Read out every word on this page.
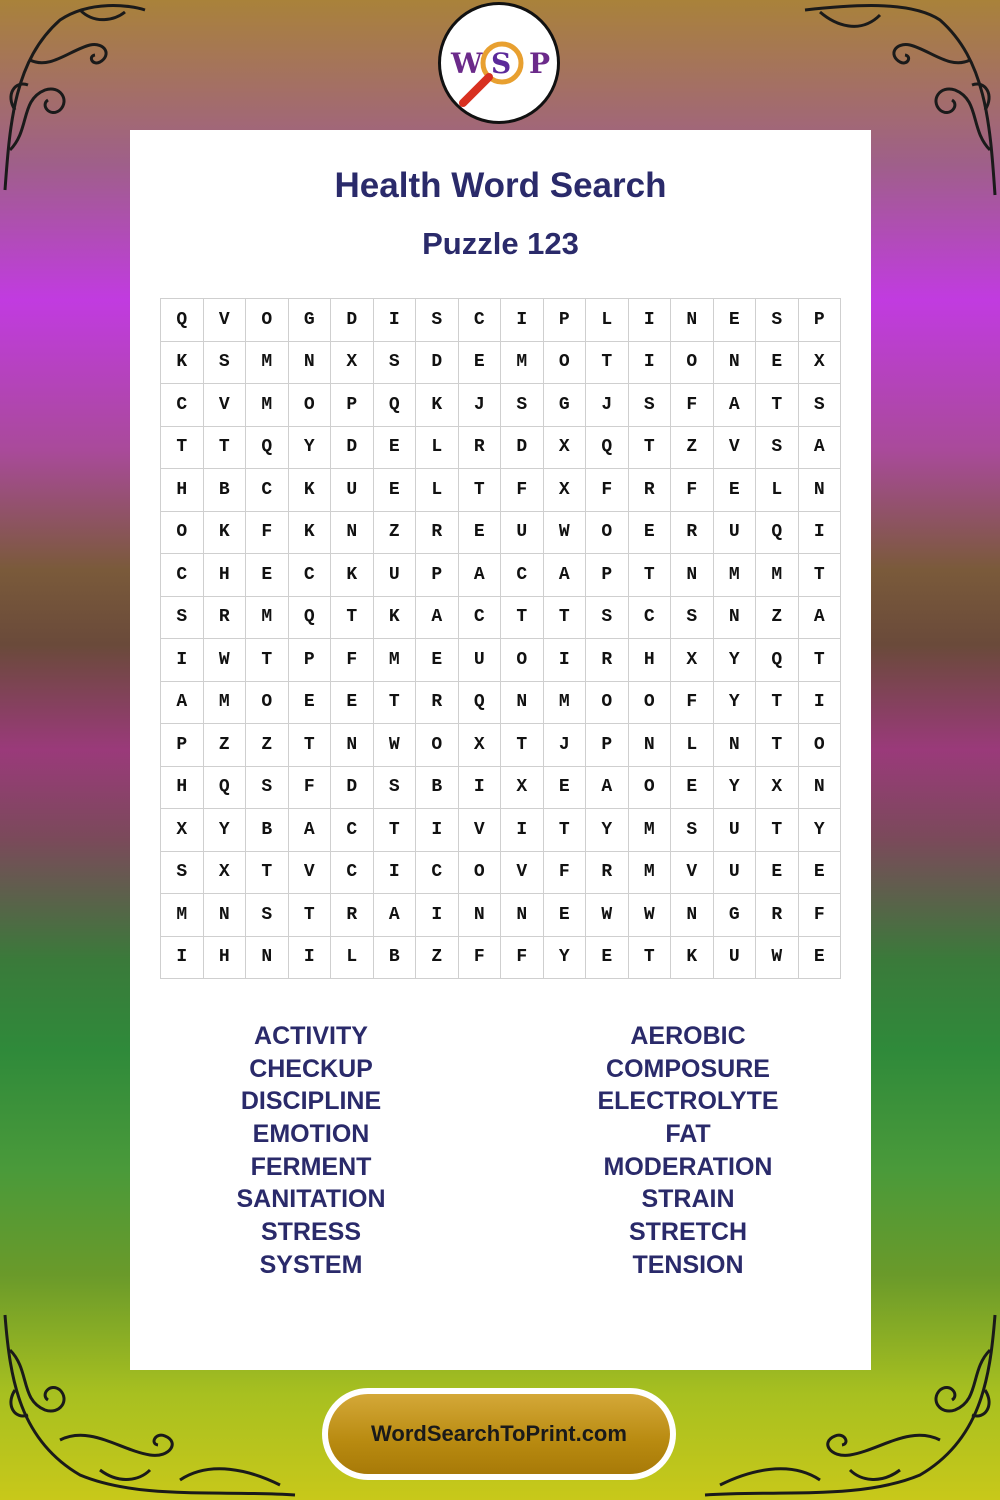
W S P
Health Word Search
Puzzle 123
Q	V	O	G	D	I	S	C	I	P	L	I	N	E	S	P
K	S	M	N	X	S	D	E	M	O	T	I	O	N	E	X
C	V	M	O	P	Q	K	J	S	G	J	S	F	A	T	S
T	T	Q	Y	D	E	L	R	D	X	Q	T	Z	V	S	A
H	B	C	K	U	E	L	T	F	X	F	R	F	E	L	N
O	K	F	K	N	Z	R	E	U	W	O	E	R	U	Q	I
C	H	E	C	K	U	P	A	C	A	P	T	N	M	M	T
S	R	M	Q	T	K	A	C	T	T	S	C	S	N	Z	A
I	W	T	P	F	M	E	U	O	I	R	H	X	Y	Q	T
A	M	O	E	E	T	R	Q	N	M	O	O	F	Y	T	I
P	Z	Z	T	N	W	O	X	T	J	P	N	L	N	T	O
H	Q	S	F	D	S	B	I	X	E	A	O	E	Y	X	N
X	Y	B	A	C	T	I	V	I	T	Y	M	S	U	T	Y
S	X	T	V	C	I	C	O	V	F	R	M	V	U	E	E
M	N	S	T	R	A	I	N	N	E	W	W	N	G	R	F
I	H	N	I	L	B	Z	F	F	Y	E	T	K	U	W	E
ACTIVITY
CHECKUP
DISCIPLINE
EMOTION
FERMENT
SANITATION
STRESS
SYSTEM
AEROBIC
COMPOSURE
ELECTROLYTE
FAT
MODERATION
STRAIN
STRETCH
TENSION
WordSearchToPrint.com
